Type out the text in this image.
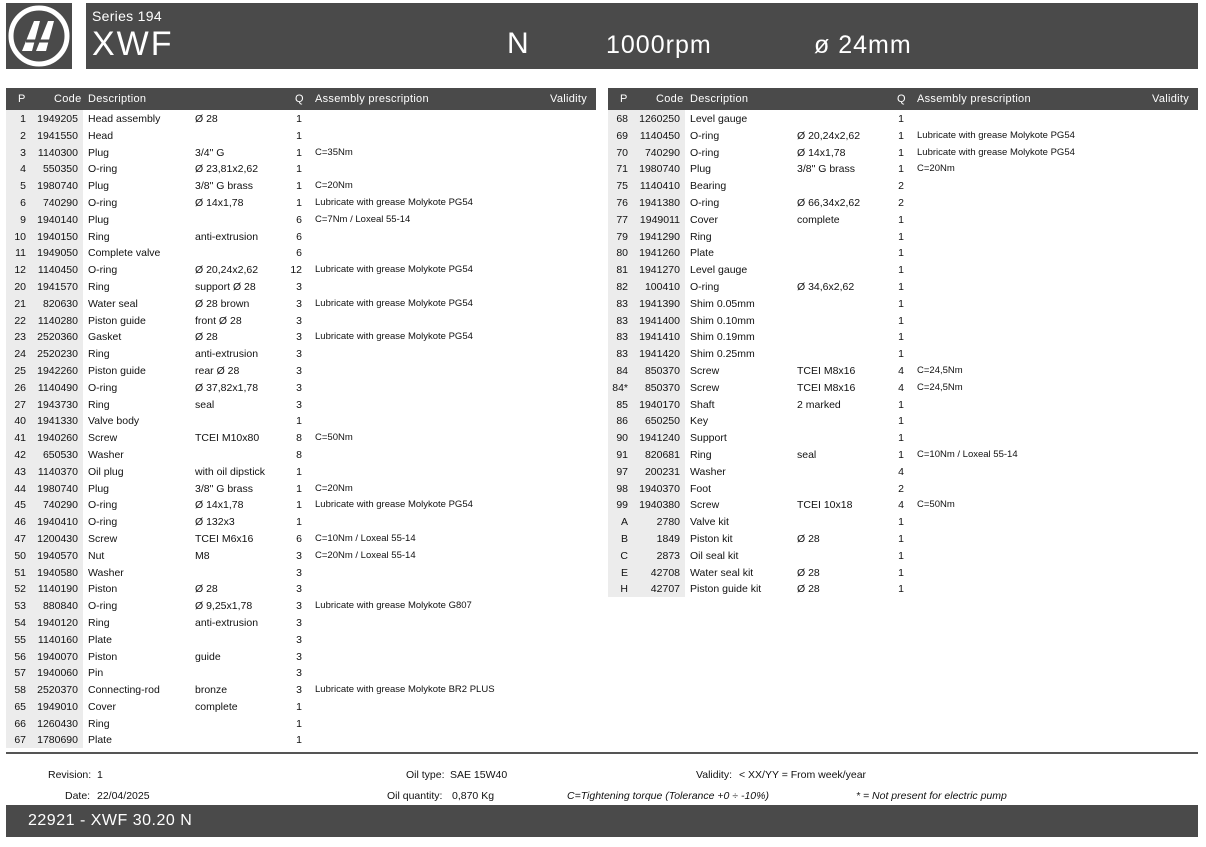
Series 194
XWF	N	1000rpm	ø 24mm
P	Code Description	Q Assembly prescription	Validity
1	1949205 Head assembly	Ø 28	1
2	1941550 Head	1
3	1140300 Plug	3/4" G	1 C=35Nm
4	550350 O-ring	Ø 23,81x2,62	1
5	1980740 Plug	3/8" G brass	1 C=20Nm
6	740290 O-ring	Ø 14x1,78	1 Lubricate with grease Molykote PG54
9	1940140 Plug	6 C=7Nm / Loxeal 55-14
10	1940150 Ring	anti-extrusion	6
11	1949050 Complete valve	6
12	1140450 O-ring	Ø 20,24x2,62	12 Lubricate with grease Molykote PG54
20	1941570 Ring	support Ø 28	3
21	820630 Water seal	Ø 28 brown	3 Lubricate with grease Molykote PG54
22	1140280 Piston guide	front Ø 28	3
23	2520360 Gasket	Ø 28	3 Lubricate with grease Molykote PG54
24	2520230 Ring	anti-extrusion	3
25	1942260 Piston guide	rear Ø 28	3
26	1140490 O-ring	Ø 37,82x1,78	3
27	1943730 Ring	seal	3
40	1941330 Valve body	1
41	1940260 Screw	TCEI M10x80	8 C=50Nm
42	650530 Washer	8
43	1140370 Oil plug	with oil dipstick	1
44	1980740 Plug	3/8" G brass	1 C=20Nm
45	740290 O-ring	Ø 14x1,78	1 Lubricate with grease Molykote PG54
46	1940410 O-ring	Ø 132x3	1
47	1200430 Screw	TCEI M6x16	6 C=10Nm / Loxeal 55-14
50	1940570 Nut	M8	3 C=20Nm / Loxeal 55-14
51	1940580 Washer	3
52	1140190 Piston	Ø 28	3
53	880840 O-ring	Ø 9,25x1,78	3 Lubricate with grease Molykote G807
54	1940120 Ring	anti-extrusion	3
55	1140160 Plate	3
56	1940070 Piston	guide	3
57	1940060 Pin	3
58	2520370 Connecting-rod	bronze	3 Lubricate with grease Molykote BR2 PLUS
65	1949010 Cover	complete	1
66	1260430 Ring	1
67	1780690 Plate	1
P	Code Description	Q Assembly prescription	Validity
68	1260250 Level gauge	1
69	1140450 O-ring	Ø 20,24x2,62	1 Lubricate with grease Molykote PG54
70	740290 O-ring	Ø 14x1,78	1 Lubricate with grease Molykote PG54
71	1980740 Plug	3/8" G brass	1 C=20Nm
75	1140410 Bearing	2
76	1941380 O-ring	Ø 66,34x2,62	2
77	1949011 Cover	complete	1
79	1941290 Ring	1
80	1941260 Plate	1
81	1941270 Level gauge	1
82	100410 O-ring	Ø 34,6x2,62	1
83	1941390 Shim 0.05mm	1
83	1941400 Shim 0.10mm	1
83	1941410 Shim 0.19mm	1
83	1941420 Shim 0.25mm	1
84	850370 Screw	TCEI M8x16	4 C=24,5Nm
84*	850370 Screw	TCEI M8x16	4 C=24,5Nm
85	1940170 Shaft	2 marked	1
86	650250 Key	1
90	1941240 Support	1
91	820681 Ring	seal	1 C=10Nm / Loxeal 55-14
97	200231 Washer	4
98	1940370 Foot	2
99	1940380 Screw	TCEI 10x18	4 C=50Nm
A	2780 Valve kit	1
B	1849 Piston kit	Ø 28	1
C	2873 Oil seal kit	1
E	42708 Water seal kit	Ø 28	1
H	42707 Piston guide kit	Ø 28	1
Revision: 1
Date: 22/04/2025
Oil type: SAE 15W40
Oil quantity: 0,870 Kg
Validity: < XX/YY = From week/year
C=Tightening torque (Tolerance +0 ÷ -10%)	* = Not present for electric pump
22921 - XWF 30.20 N
